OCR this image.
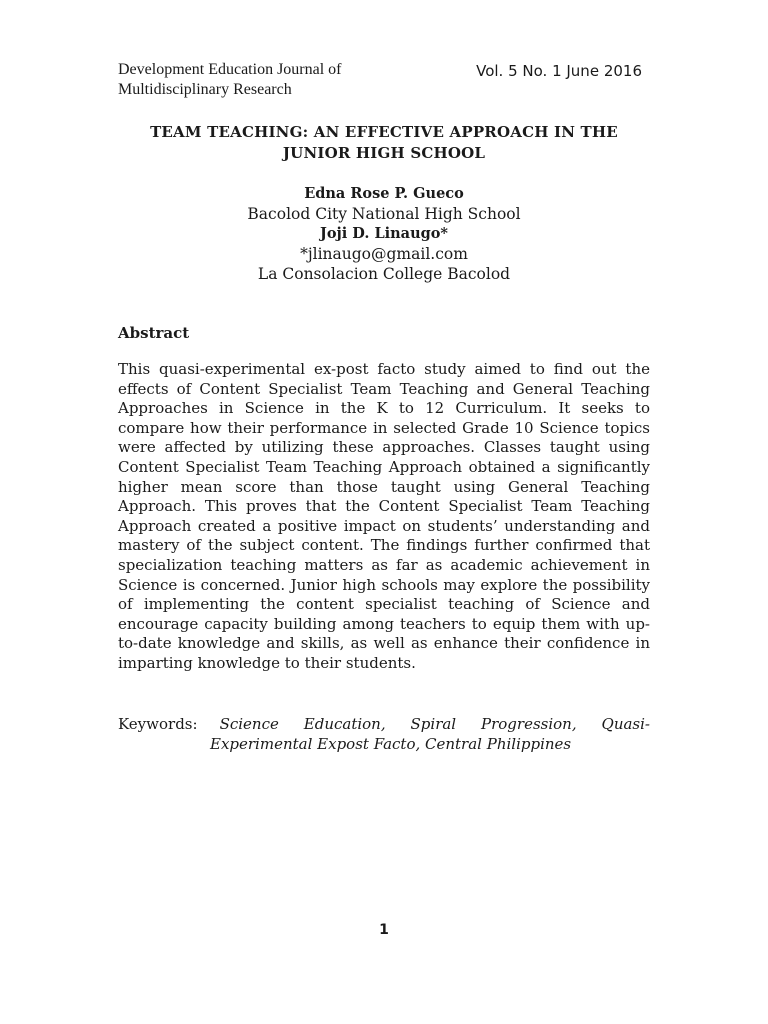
Development Education Journal of
Multidisciplinary Research
Vol. 5 No. 1 June 2016
TEAM TEACHING: AN EFFECTIVE APPROACH IN THE
JUNIOR HIGH SCHOOL
Edna Rose P. Gueco
Bacolod City National High School
Joji D. Linaugo*
*jlinaugo@gmail.com
La Consolacion College Bacolod
Abstract
This quasi-experimental ex-post facto study aimed to find out the effects of Content Specialist Team Teaching and General Teaching Approaches in Science in the K to 12 Curriculum. It seeks to compare how their performance in selected Grade 10 Science topics were affected by utilizing these approaches. Classes taught using Content Specialist Team Teaching Approach obtained a significantly higher mean score than those taught using General Teaching Approach. This proves that the Content Specialist Team Teaching Approach created a positive impact on students’ understanding and mastery of the subject content. The findings further confirmed that specialization teaching matters as far as academic achievement in Science is concerned. Junior high schools may explore the possibility of implementing the content specialist teaching of Science and encourage capacity building among teachers to equip them with up-to-date knowledge and skills, as well as enhance their confidence in imparting knowledge to their students.
Keywords:	Science Education, Spiral Progression, Quasi-
Experimental Expost Facto, Central Philippines
1
